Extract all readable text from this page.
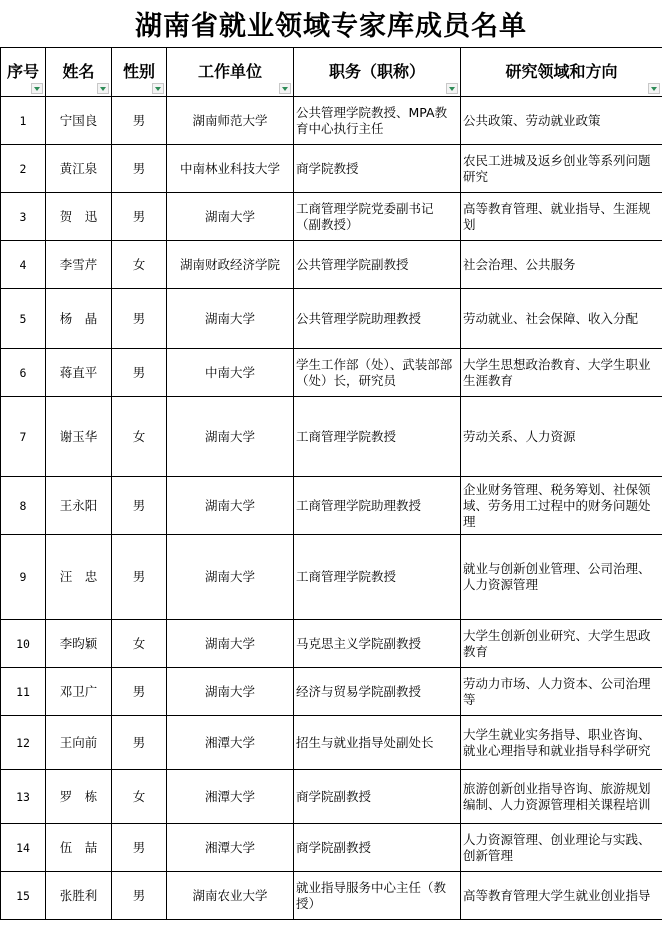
湖南省就业领域专家库成员名单
序号	姓名	性别	工作单位	职务（职称）	研究领域和方向

1	宁国良	男	湖南师范大学	公共管理学院教授、MPA教育中心执行主任	公共政策、劳动就业政策
2	黄江泉	男	中南林业科技大学	商学院教授	农民工进城及返乡创业等系列问题研究
3	贺　迅	男	湖南大学	工商管理学院党委副书记（副教授）	高等教育管理、就业指导、生涯规划
4	李雪芹	女	湖南财政经济学院	公共管理学院副教授	社会治理、公共服务
5	杨　晶	男	湖南大学	公共管理学院助理教授	劳动就业、社会保障、收入分配
6	蒋直平	男	中南大学	学生工作部（处）、武装部部（处）长，研究员	大学生思想政治教育、大学生职业生涯教育
7	谢玉华	女	湖南大学	工商管理学院教授	劳动关系、人力资源
8	王永阳	男	湖南大学	工商管理学院助理教授	企业财务管理、税务筹划、社保领域、劳务用工过程中的财务问题处理
9	汪　忠	男	湖南大学	工商管理学院教授	就业与创新创业管理、公司治理、人力资源管理
10	李昀颖	女	湖南大学	马克思主义学院副教授	大学生创新创业研究、大学生思政教育
11	邓卫广	男	湖南大学	经济与贸易学院副教授	劳动力市场、人力资本、公司治理等
12	王向前	男	湘潭大学	招生与就业指导处副处长	大学生就业实务指导、职业咨询、就业心理指导和就业指导科学研究
13	罗　栋	女	湘潭大学	商学院副教授	旅游创新创业指导咨询、旅游规划编制、人力资源管理相关课程培训
14	伍　喆	男	湘潭大学	商学院副教授	人力资源管理、创业理论与实践、创新管理
15	张胜利	男	湖南农业大学	就业指导服务中心主任（教授）	高等教育管理大学生就业创业指导
